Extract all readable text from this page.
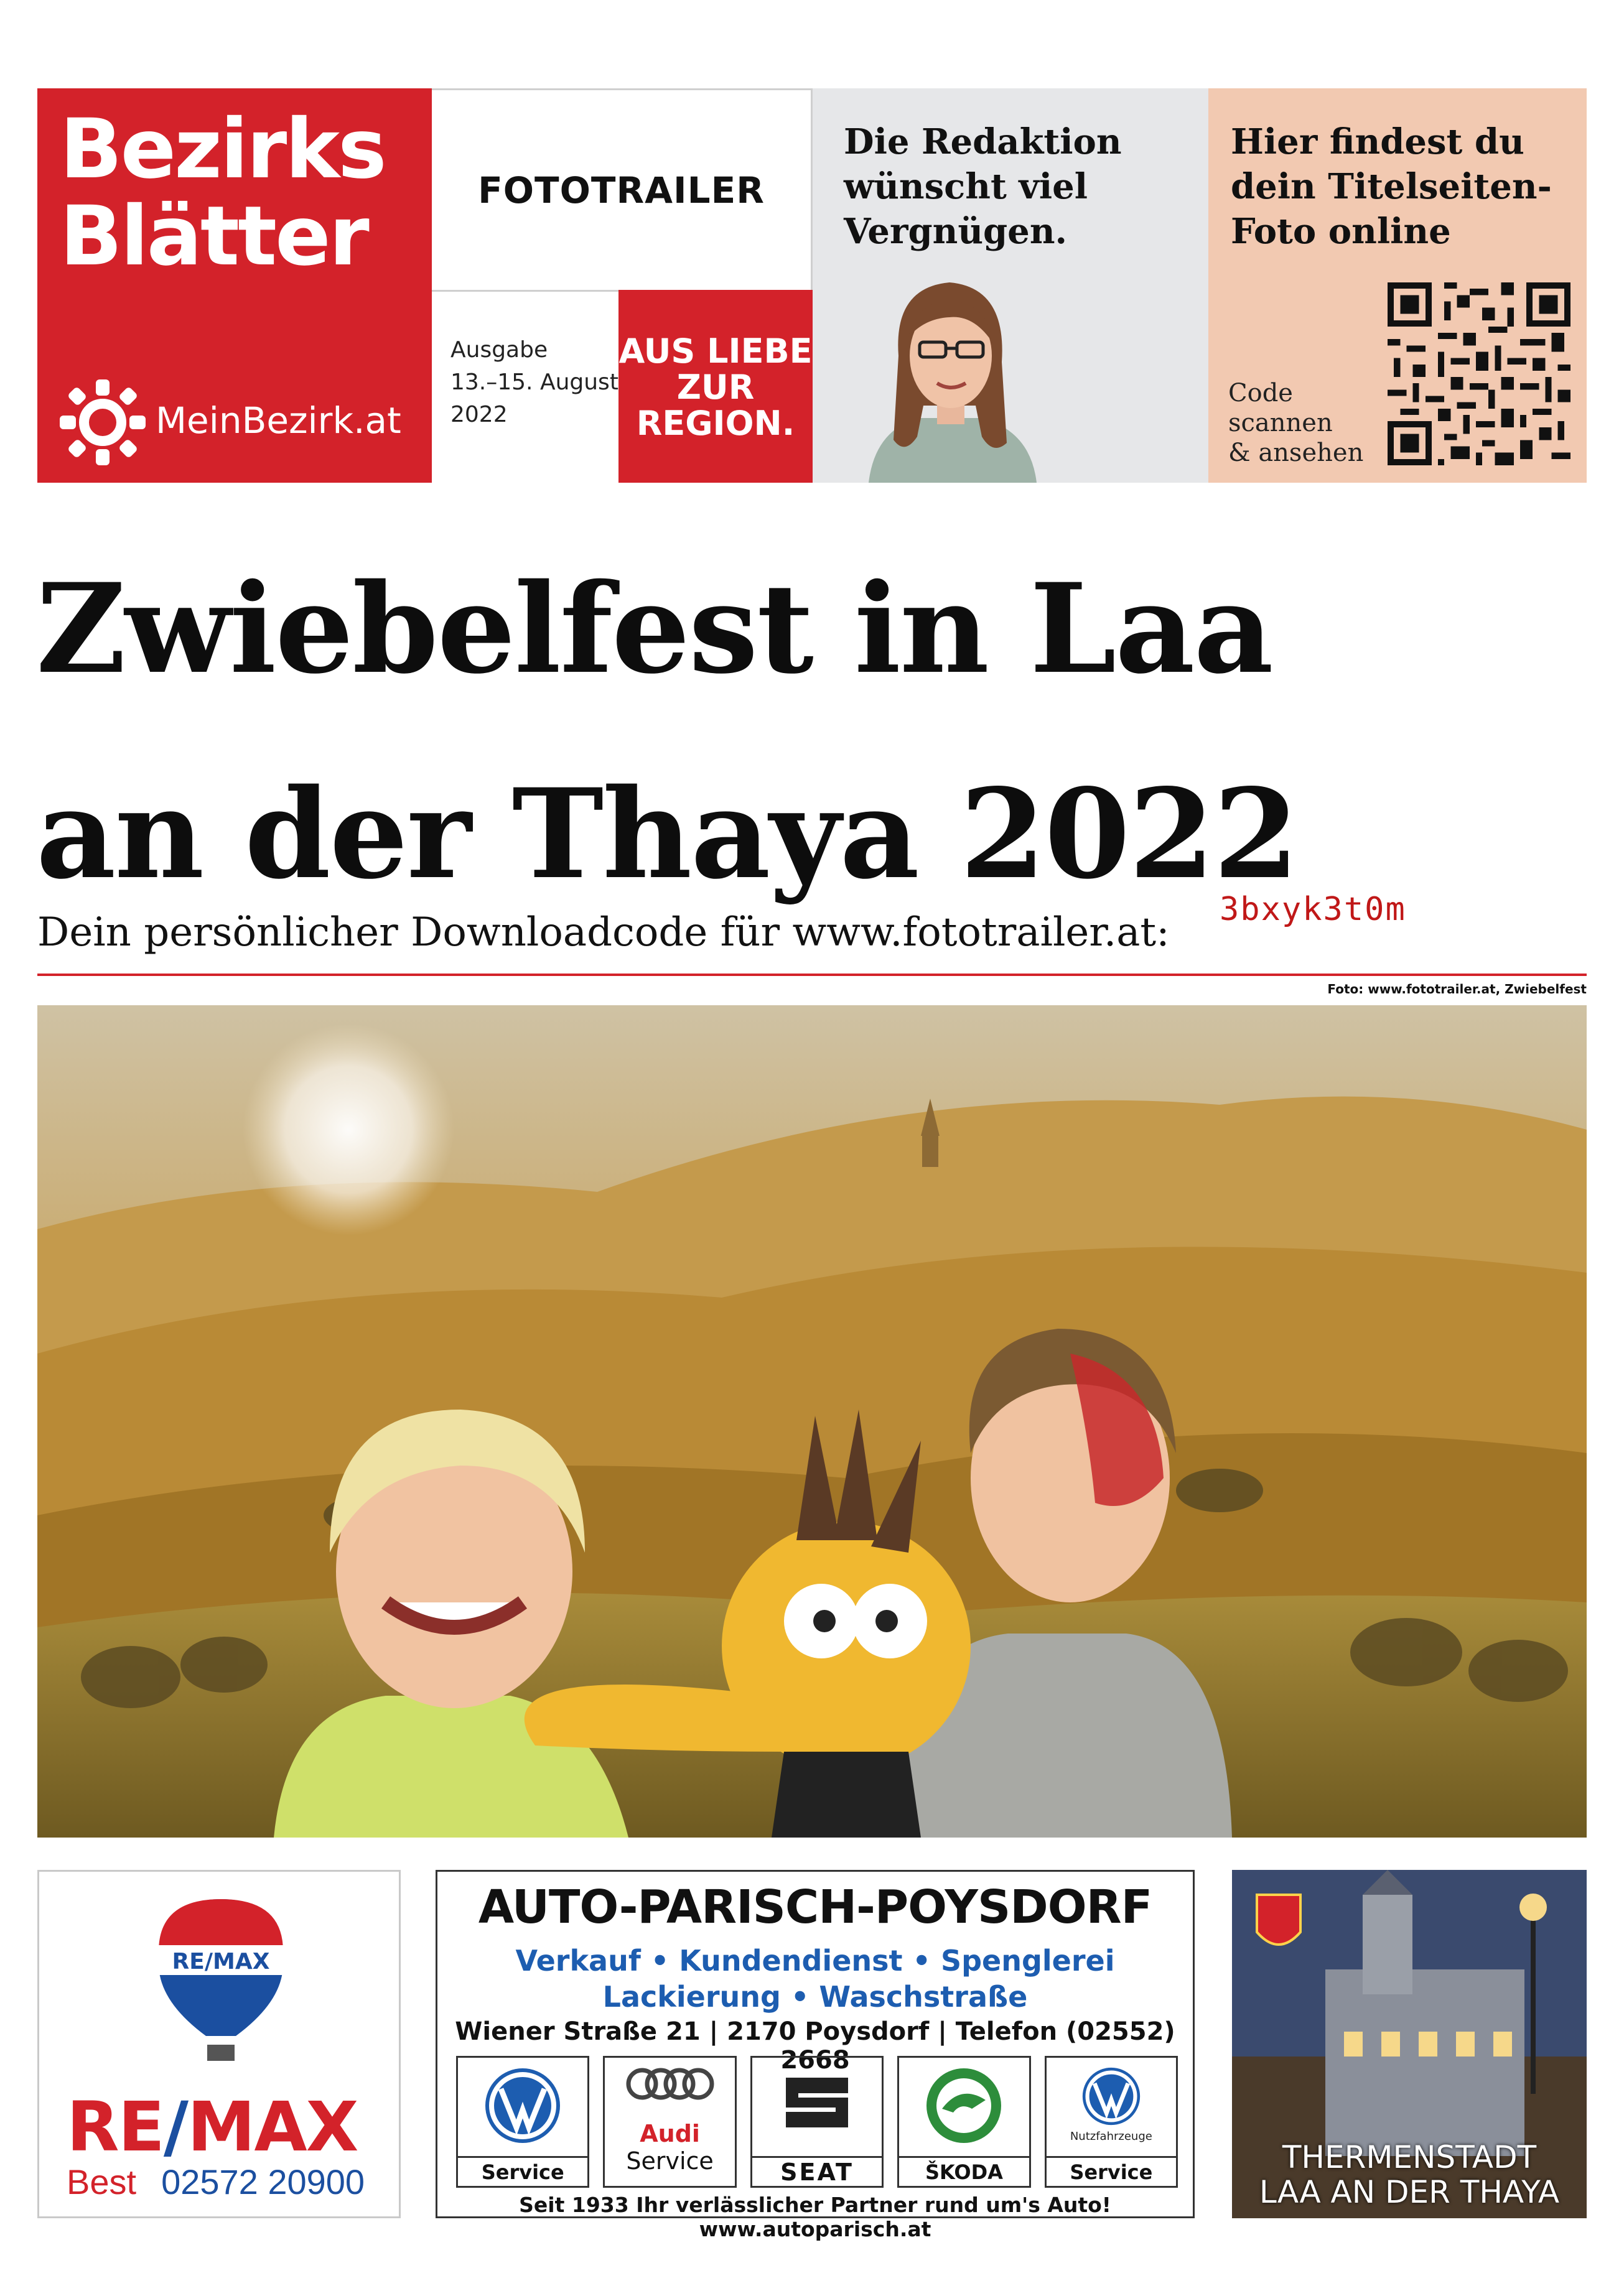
Bezirks
Blätter
MeinBezirk.at
FOTOTRAILER
Ausgabe
13.–15. August
2022
AUS LIEBE
ZUR
REGION.
Die Redaktion
wünscht viel
Vergnügen.
Hier findest du
dein Titelseiten-
Foto online
Code
scannen
& ansehen
Zwiebelfest in Laa
an der Thaya 2022
Dein persönlicher Downloadcode für www.fototrailer.at: 3bxyk3t0m
Foto: www.fototrailer.at, Zwiebelfest
RE/MAX
RE/MAX
Best 02572 20900
AUTO-PARISCH-POYSDORF
Verkauf • Kundendienst • Spenglerei
Lackierung • Waschstraße
Wiener Straße 21 | 2170 Poysdorf | Telefon (02552) 2668
Service
Audi
Service	SEAT	ŠKODA
Nutzfahrzeuge
Service
Seit 1933 Ihr verlässlicher Partner rund um's Auto! www.autoparisch.at
THERMENSTADT
LAA AN DER THAYA
